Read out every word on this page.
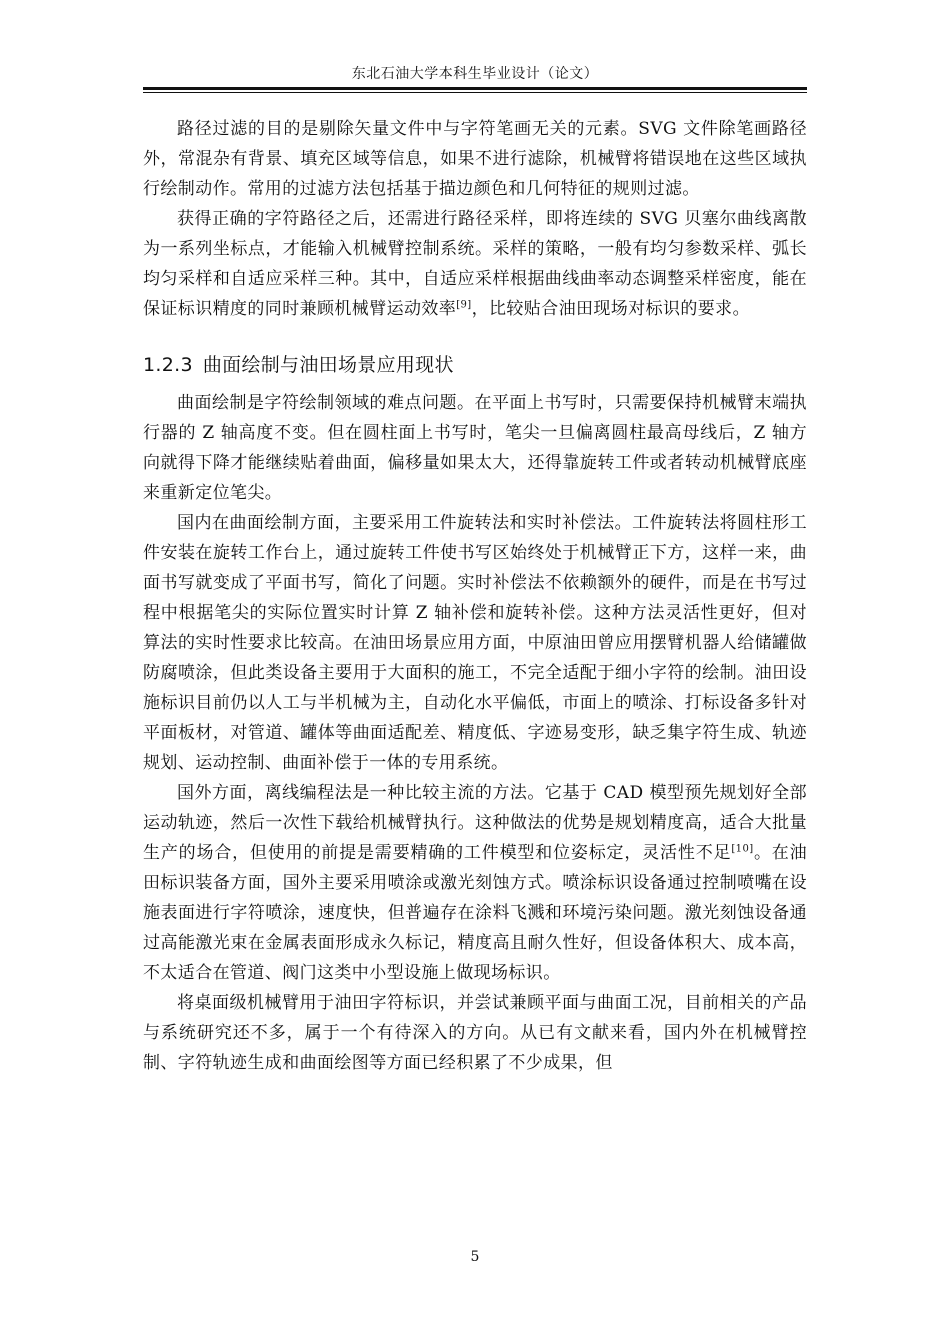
东北石油大学本科生毕业设计（论文）

路径过滤的目的是剔除矢量文件中与字符笔画无关的元素。SVG 文件除笔画路径外，常混杂有背景、填充区域等信息，如果不进行滤除，机械臂将错误地在这些区域执行绘制动作。常用的过滤方法包括基于描边颜色和几何特征的规则过滤。

获得正确的字符路径之后，还需进行路径采样，即将连续的 SVG 贝塞尔曲线离散为一系列坐标点，才能输入机械臂控制系统。采样的策略，一般有均匀参数采样、弧长均匀采样和自适应采样三种。其中，自适应采样根据曲线曲率动态调整采样密度，能在保证标识精度的同时兼顾机械臂运动效率[9]，比较贴合油田现场对标识的要求。

1.2.3 曲面绘制与油田场景应用现状

曲面绘制是字符绘制领域的难点问题。在平面上书写时，只需要保持机械臂末端执行器的 Z 轴高度不变。但在圆柱面上书写时，笔尖一旦偏离圆柱最高母线后，Z 轴方向就得下降才能继续贴着曲面，偏移量如果太大，还得靠旋转工件或者转动机械臂底座来重新定位笔尖。

国内在曲面绘制方面，主要采用工件旋转法和实时补偿法。工件旋转法将圆柱形工件安装在旋转工作台上，通过旋转工件使书写区始终处于机械臂正下方，这样一来，曲面书写就变成了平面书写，简化了问题。实时补偿法不依赖额外的硬件，而是在书写过程中根据笔尖的实际位置实时计算 Z 轴补偿和旋转补偿。这种方法灵活性更好，但对算法的实时性要求比较高。在油田场景应用方面，中原油田曾应用摆臂机器人给储罐做防腐喷涂，但此类设备主要用于大面积的施工，不完全适配于细小字符的绘制。油田设施标识目前仍以人工与半机械为主，自动化水平偏低，市面上的喷涂、打标设备多针对平面板材，对管道、罐体等曲面适配差、精度低、字迹易变形，缺乏集字符生成、轨迹规划、运动控制、曲面补偿于一体的专用系统。

国外方面，离线编程法是一种比较主流的方法。它基于 CAD 模型预先规划好全部运动轨迹，然后一次性下载给机械臂执行。这种做法的优势是规划精度高，适合大批量生产的场合，但使用的前提是需要精确的工件模型和位姿标定，灵活性不足[10]。在油田标识装备方面，国外主要采用喷涂或激光刻蚀方式。喷涂标识设备通过控制喷嘴在设施表面进行字符喷涂，速度快，但普遍存在涂料飞溅和环境污染问题。激光刻蚀设备通过高能激光束在金属表面形成永久标记，精度高且耐久性好，但设备体积大、成本高，不太适合在管道、阀门这类中小型设施上做现场标识。

将桌面级机械臂用于油田字符标识，并尝试兼顾平面与曲面工况，目前相关的产品与系统研究还不多，属于一个有待深入的方向。从已有文献来看，国内外在机械臂控制、字符轨迹生成和曲面绘图等方面已经积累了不少成果，但

5
